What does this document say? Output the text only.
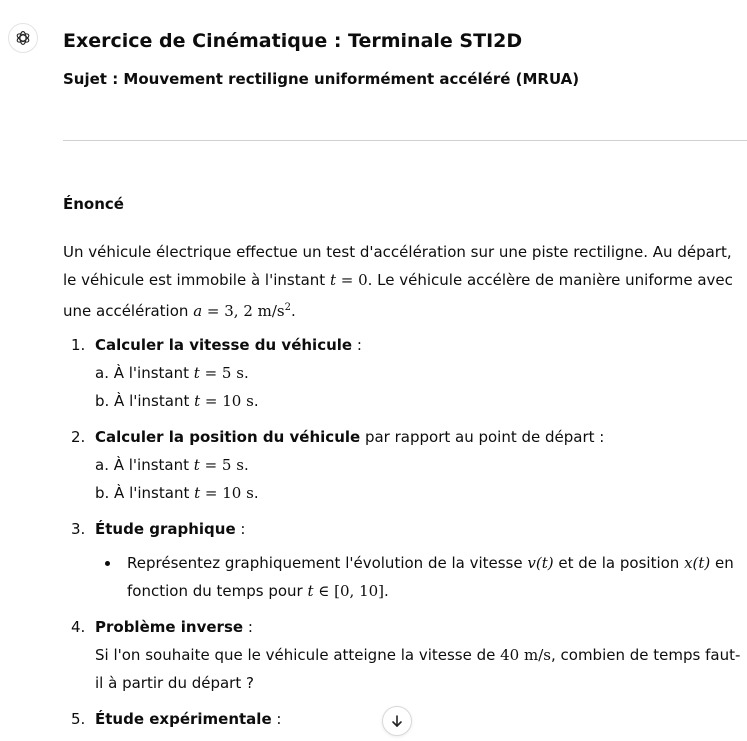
Exercice de Cinématique : Terminale STI2D

Sujet : Mouvement rectiligne uniformément accéléré (MRUA)

Énoncé

Un véhicule électrique effectue un test d'accélération sur une piste rectiligne. Au départ, le véhicule est immobile à l'instant t = 0. Le véhicule accélère de manière uniforme avec une accélération a = 3, 2 $m/s^2$.

1. Calculer la vitesse du véhicule :
a. À l'instant t = 5 s.
b. À l'instant t = 10 s.
2. Calculer la position du véhicule par rapport au point de départ :
a. À l'instant t = 5 s.
b. À l'instant t = 10 s.
3. Étude graphique :
Représentez graphiquement l'évolution de la vitesse v(t) et de la position x(t) en fonction du temps pour t ∈ [0, 10].
4. Problème inverse :
Si l'on souhaite que le véhicule atteigne la vitesse de 40 m/s, combien de temps faut-il à partir du départ ?
5. Étude expérimentale :
